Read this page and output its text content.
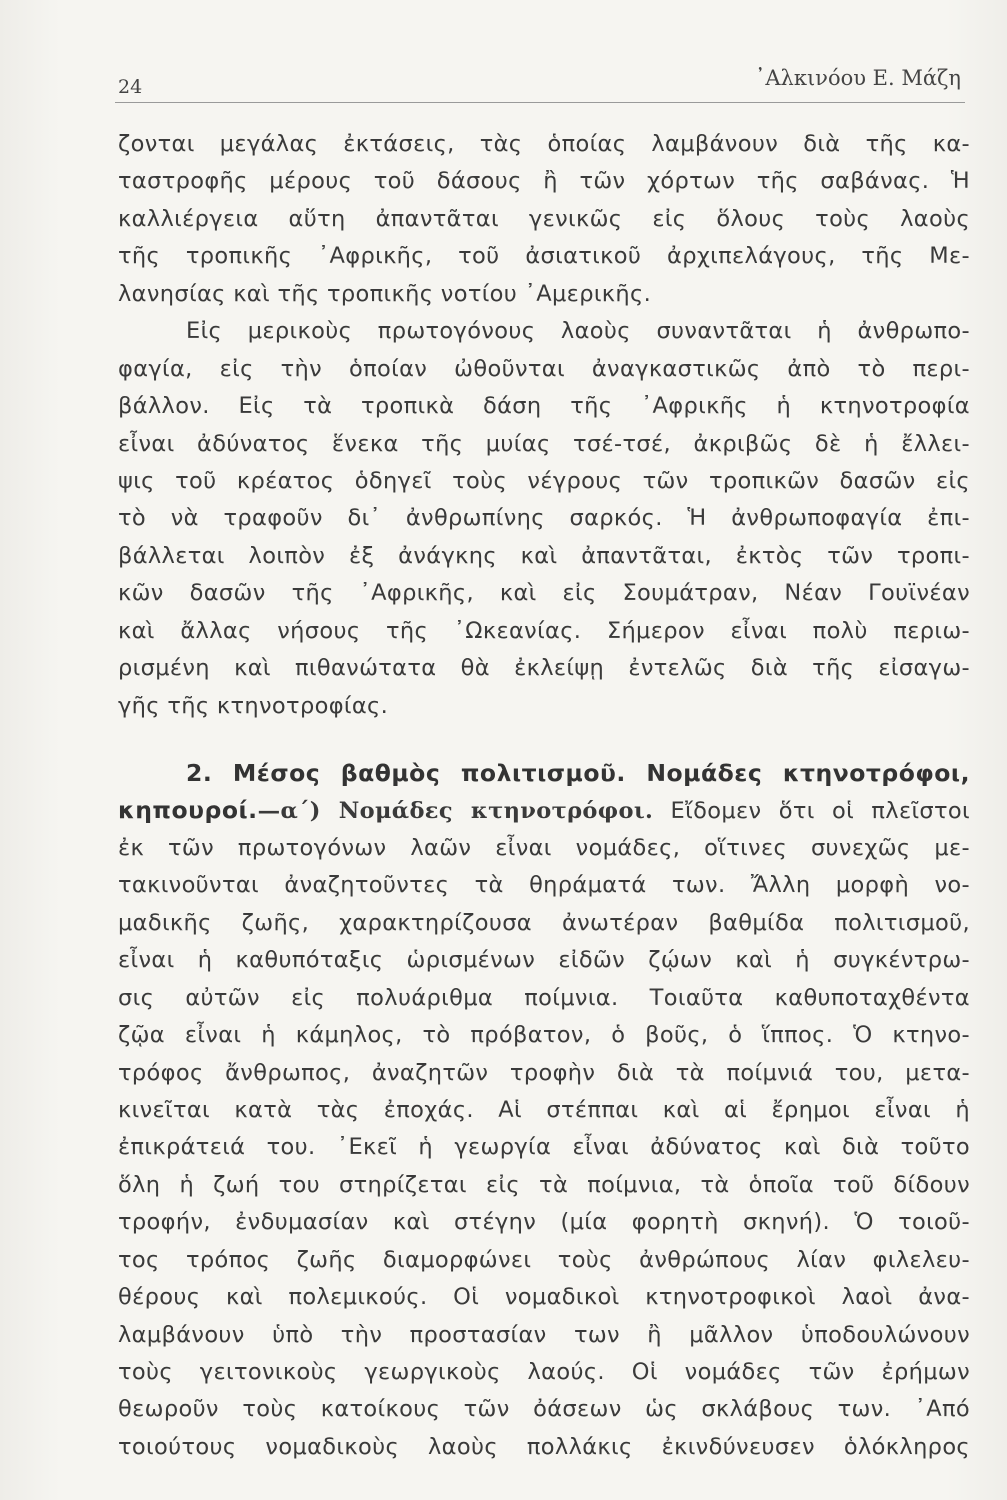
24	᾽Αλκινόου Ε. Μάζη
ζονται μεγάλας ἐκτάσεις, τὰς ὁποίας λαμβάνουν διὰ τῆς κα-
ταστροφῆς μέρους τοῦ δάσους ἢ τῶν χόρτων τῆς σαβάνας. Ἡ
καλλιέργεια αὕτη ἀπαντᾶται γενικῶς εἰς ὅλους τοὺς λαοὺς
τῆς τροπικῆς ᾽Αφρικῆς, τοῦ ἀσιατικοῦ ἀρχιπελάγους, τῆς Με-
λανησίας καὶ τῆς τροπικῆς νοτίου ᾽Αμερικῆς.
Εἰς μερικοὺς πρωτογόνους λαοὺς συναντᾶται ἡ ἀνθρωπο-
φαγία, εἰς τὴν ὁποίαν ὠθοῦνται ἀναγκαστικῶς ἀπὸ τὸ περι-
βάλλον. Εἰς τὰ τροπικὰ δάση τῆς ᾽Αφρικῆς ἡ κτηνοτροφία
εἶναι ἀδύνατος ἕνεκα τῆς μυίας τσέ-τσέ, ἀκριβῶς δὲ ἡ ἔλλει-
ψις τοῦ κρέατος ὁδηγεῖ τοὺς νέγρους τῶν τροπικῶν δασῶν εἰς
τὸ νὰ τραφοῦν δι᾽ ἀνθρωπίνης σαρκός. Ἡ ἀνθρωποφαγία ἐπι-
βάλλεται λοιπὸν ἐξ ἀνάγκης καὶ ἀπαντᾶται, ἐκτὸς τῶν τροπι-
κῶν δασῶν τῆς ᾽Αφρικῆς, καὶ εἰς Σουμάτραν, Νέαν Γουϊνέαν
καὶ ἄλλας νήσους τῆς ᾽Ωκεανίας. Σήμερον εἶναι πολὺ περιω-
ρισμένη καὶ πιθανώτατα θὰ ἐκλείψῃ ἐντελῶς διὰ τῆς εἰσαγω-
γῆς τῆς κτηνοτροφίας.
2. Μέσος βαθμὸς πολιτισμοῦ. Νομάδες κτηνοτρόφοι,
κηπουροί.—α΄) Νομάδες κτηνοτρόφοι. Εἴδομεν ὅτι οἱ πλεῖστοι
ἐκ τῶν πρωτογόνων λαῶν εἶναι νομάδες, οἵτινες συνεχῶς με-
τακινοῦνται ἀναζητοῦντες τὰ θηράματά των. Ἄλλη μορφὴ νο-
μαδικῆς ζωῆς, χαρακτηρίζουσα ἀνωτέραν βαθμίδα πολιτισμοῦ,
εἶναι ἡ καθυπόταξις ὡρισμένων εἰδῶν ζῴων καὶ ἡ συγκέντρω-
σις αὐτῶν εἰς πολυάριθμα ποίμνια. Τοιαῦτα καθυποταχθέντα
ζῷα εἶναι ἡ κάμηλος, τὸ πρόβατον, ὁ βοῦς, ὁ ἵππος. Ὁ κτηνο-
τρόφος ἄνθρωπος, ἀναζητῶν τροφὴν διὰ τὰ ποίμνιά του, μετα-
κινεῖται κατὰ τὰς ἐποχάς. Αἱ στέππαι καὶ αἱ ἔρημοι εἶναι ἡ
ἐπικράτειά του. ᾽Εκεῖ ἡ γεωργία εἶναι ἀδύνατος καὶ διὰ τοῦτο
ὅλη ἡ ζωή του στηρίζεται εἰς τὰ ποίμνια, τὰ ὁποῖα τοῦ δίδουν
τροφήν, ἐνδυμασίαν καὶ στέγην (μία φορητὴ σκηνή). Ὁ τοιοῦ-
τος τρόπος ζωῆς διαμορφώνει τοὺς ἀνθρώπους λίαν φιλελευ-
θέρους καὶ πολεμικούς. Οἱ νομαδικοὶ κτηνοτροφικοὶ λαοὶ ἀνα-
λαμβάνουν ὑπὸ τὴν προστασίαν των ἢ μᾶλλον ὑποδουλώνουν
τοὺς γειτονικοὺς γεωργικοὺς λαούς. Οἱ νομάδες τῶν ἐρήμων
θεωροῦν τοὺς κατοίκους τῶν ὀάσεων ὡς σκλάβους των. ᾽Από
τοιούτους νομαδικοὺς λαοὺς πολλάκις ἐκινδύνευσεν ὁλόκληρος
